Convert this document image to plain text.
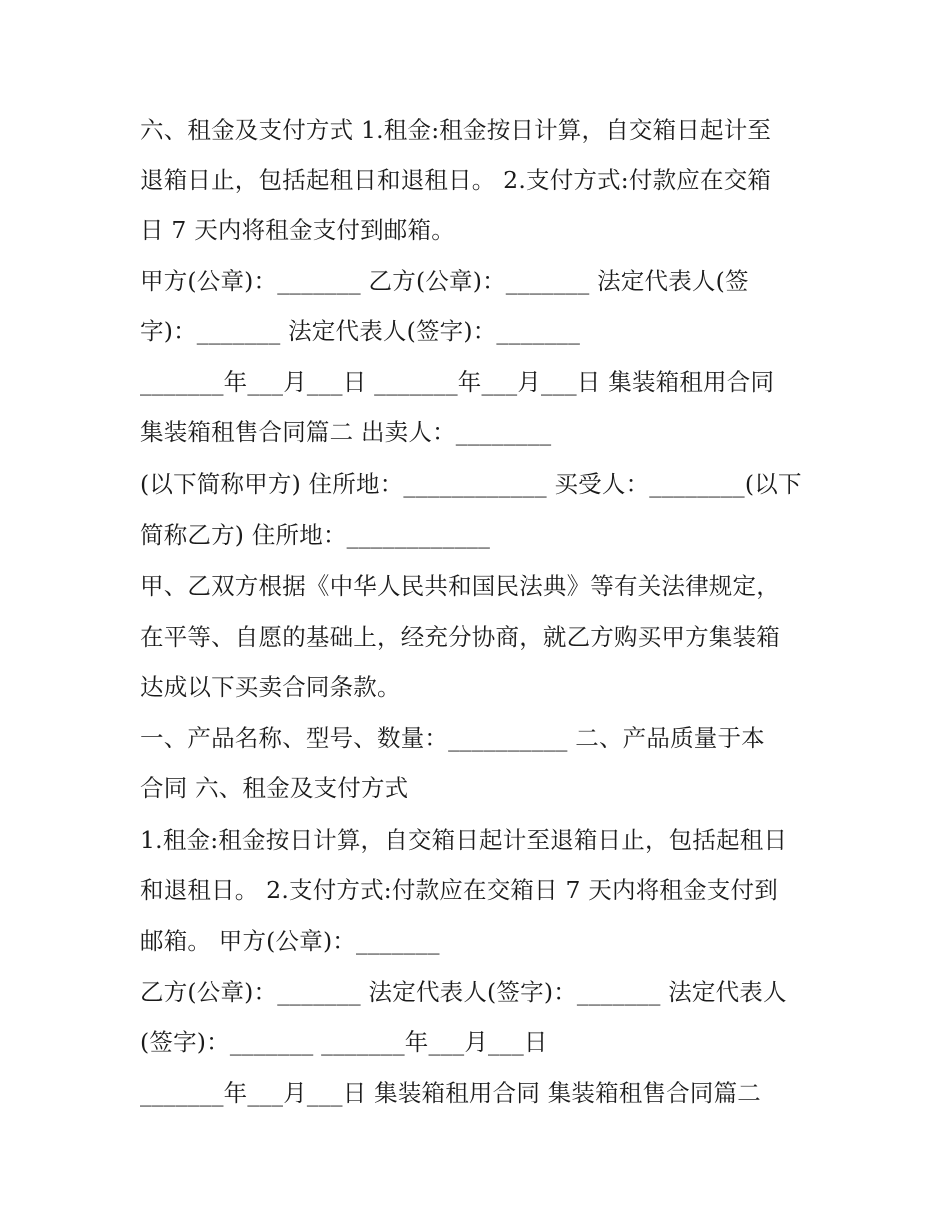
六、租金及支付方式 1.租金:租金按日计算，自交箱日起计至
退箱日止，包括起租日和退租日。 2.支付方式:付款应在交箱
日 7 天内将租金支付到邮箱。
甲方(公章)：_______ 乙方(公章)：_______ 法定代表人(签
字)：_______ 法定代表人(签字)：_______
_______年___月___日 _______年___月___日 集装箱租用合同
集装箱租售合同篇二 出卖人：________
(以下简称甲方) 住所地：____________ 买受人：________(以下
简称乙方) 住所地：____________
甲、乙双方根据《中华人民共和国民法典》等有关法律规定，
在平等、自愿的基础上，经充分协商，就乙方购买甲方集装箱
达成以下买卖合同条款。
一、产品名称、型号、数量：__________ 二、产品质量于本
合同 六、租金及支付方式
1.租金:租金按日计算，自交箱日起计至退箱日止，包括起租日
和退租日。 2.支付方式:付款应在交箱日 7 天内将租金支付到
邮箱。 甲方(公章)：_______
乙方(公章)：_______ 法定代表人(签字)：_______ 法定代表人
(签字)：_______ _______年___月___日
_______年___月___日 集装箱租用合同 集装箱租售合同篇二
